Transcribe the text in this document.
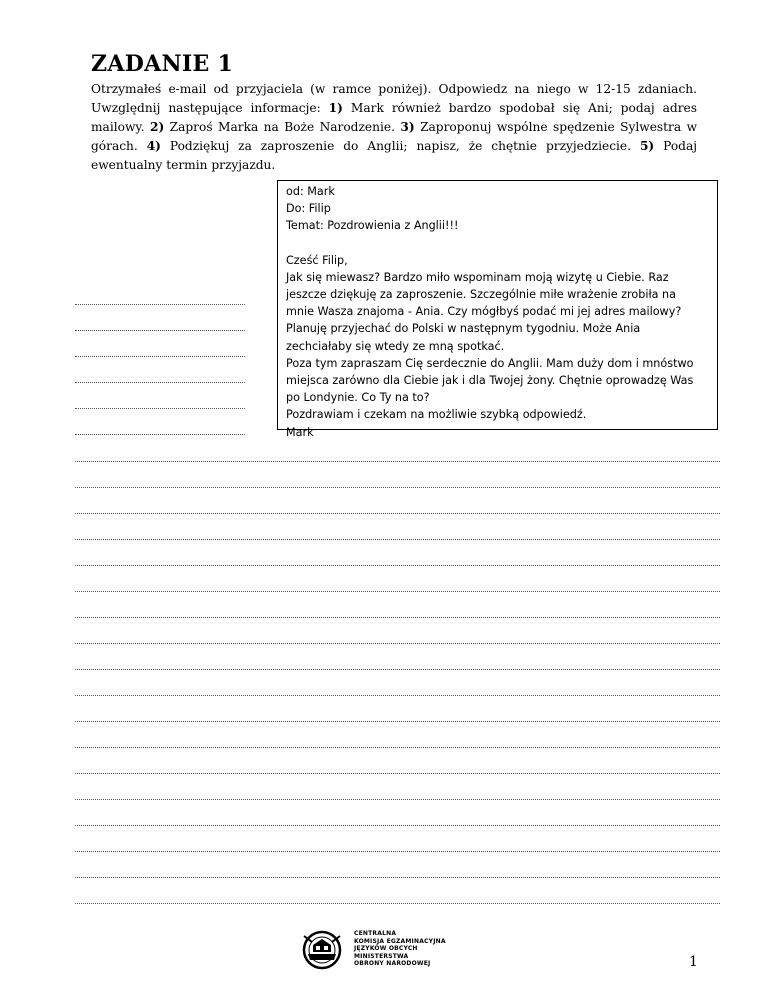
ZADANIE 1

Otrzymałeś e-mail od przyjaciela (w ramce poniżej). Odpowiedz na niego w 12-15 zdaniach. Uwzględnij następujące informacje: 1) Mark również bardzo spodobał się Ani; podaj adres mailowy. 2) Zaproś Marka na Boże Narodzenie. 3) Zaproponuj wspólne spędzenie Sylwestra w górach. 4) Podziękuj za zaproszenie do Anglii; napisz, że chętnie przyjedziecie. 5) Podaj ewentualny termin przyjazdu.

od: Mark
Do: Filip
Temat: Pozdrowienia z Anglii!!!
Cześć Filip,
Jak się miewasz? Bardzo miło wspominam moją wizytę u Ciebie. Raz
jeszcze dziękuję za zaproszenie. Szczególnie miłe wrażenie zrobiła na
mnie Wasza znajoma - Ania. Czy mógłbyś podać mi jej adres mailowy?
Planuję przyjechać do Polski w następnym tygodniu. Może Ania
zechciałaby się wtedy ze mną spotkać.
Poza tym zapraszam Cię serdecznie do Anglii. Mam duży dom i mnóstwo
miejsca zarówno dla Ciebie jak i dla Twojej żony. Chętnie oprowadzę Was
po Londynie. Co Ty na to?
Pozdrawiam i czekam na możliwie szybką odpowiedź.
Mark
CENTRALNA
KOMISJA EGZAMINACYJNA
JĘZYKÓW OBCYCH
MINISTERSTWA
OBRONY NARODOWEJ	1
